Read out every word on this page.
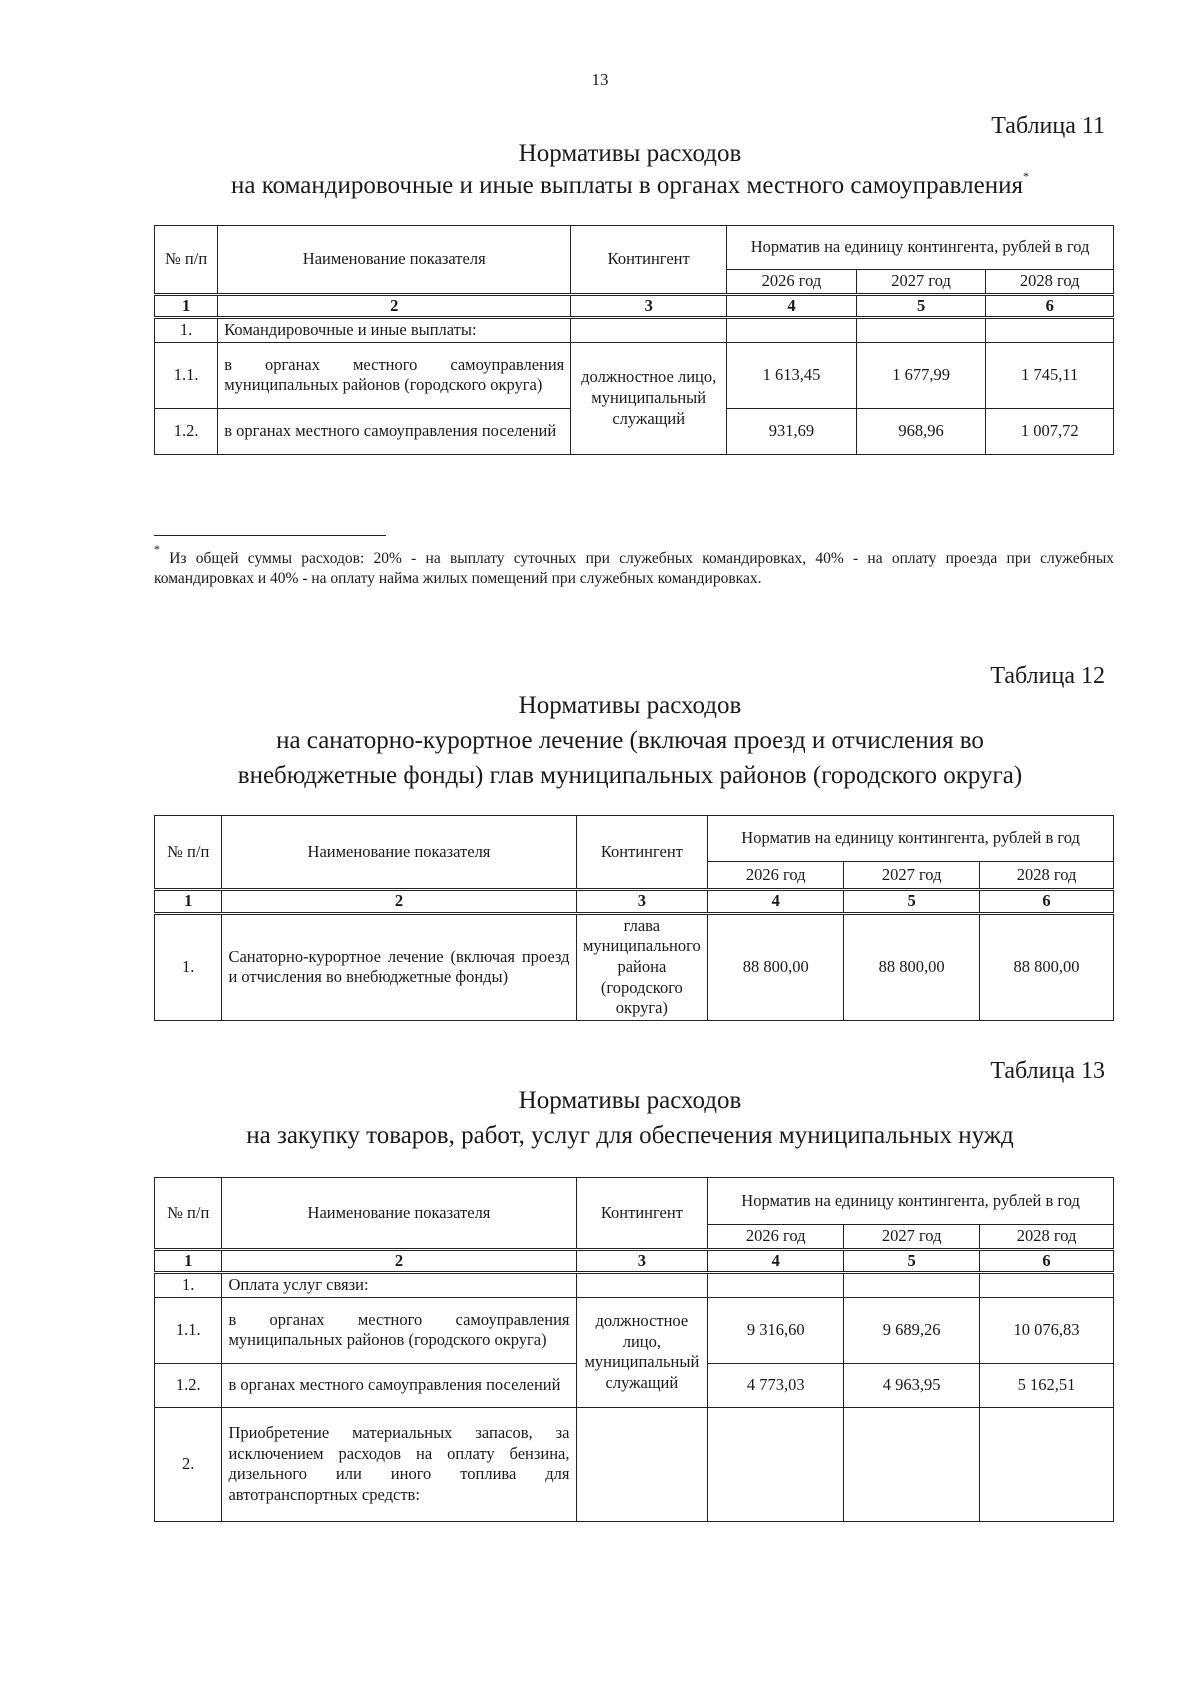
13
Таблица 11
Нормативы расходов
на командировочные и иные выплаты в органах местного самоуправления*
№ п/п	Наименование показателя	Контингент	Норматив на единицу контингента, рублей в год		
			2026 год	2027 год	2028 год
1	2	3	4	5	6
1.	Командировочные и иные выплаты:				
1.1.	в органах местного самоуправления муниципальных районов (городского округа)	должностное лицо, муниципальный служащий	1 613,45	1 677,99	1 745,11
1.2.	в органах местного самоуправления поселений		931,69	968,96	1 007,72
* Из общей суммы расходов: 20% - на выплату суточных при служебных командировках, 40% - на оплату проезда при служебных командировках и 40% - на оплату найма жилых помещений при служебных командировках.
Таблица 12
Нормативы расходов
на санаторно-курортное лечение (включая проезд и отчисления во
внебюджетные фонды) глав муниципальных районов (городского округа)
№ п/п	Наименование показателя	Контингент	Норматив на единицу контингента, рублей в год		
			2026 год	2027 год	2028 год
1	2	3	4	5	6
1.	Санаторно-курортное лечение (включая проезд и отчисления во внебюджетные фонды)	глава муниципального района (городского округа)	88 800,00	88 800,00	88 800,00
Таблица 13
Нормативы расходов
на закупку товаров, работ, услуг для обеспечения муниципальных нужд
№ п/п	Наименование показателя	Контингент	Норматив на единицу контингента, рублей в год		
			2026 год	2027 год	2028 год
1	2	3	4	5	6
1.	Оплата услуг связи:				
1.1.	в органах местного самоуправления муниципальных районов (городского округа)	должностное лицо, муниципальный служащий	9 316,60	9 689,26	10 076,83
1.2.	в органах местного самоуправления поселений		4 773,03	4 963,95	5 162,51
2.	Приобретение материальных запасов, за исключением расходов на оплату бензина, дизельного или иного топлива для автотранспортных средств:				
